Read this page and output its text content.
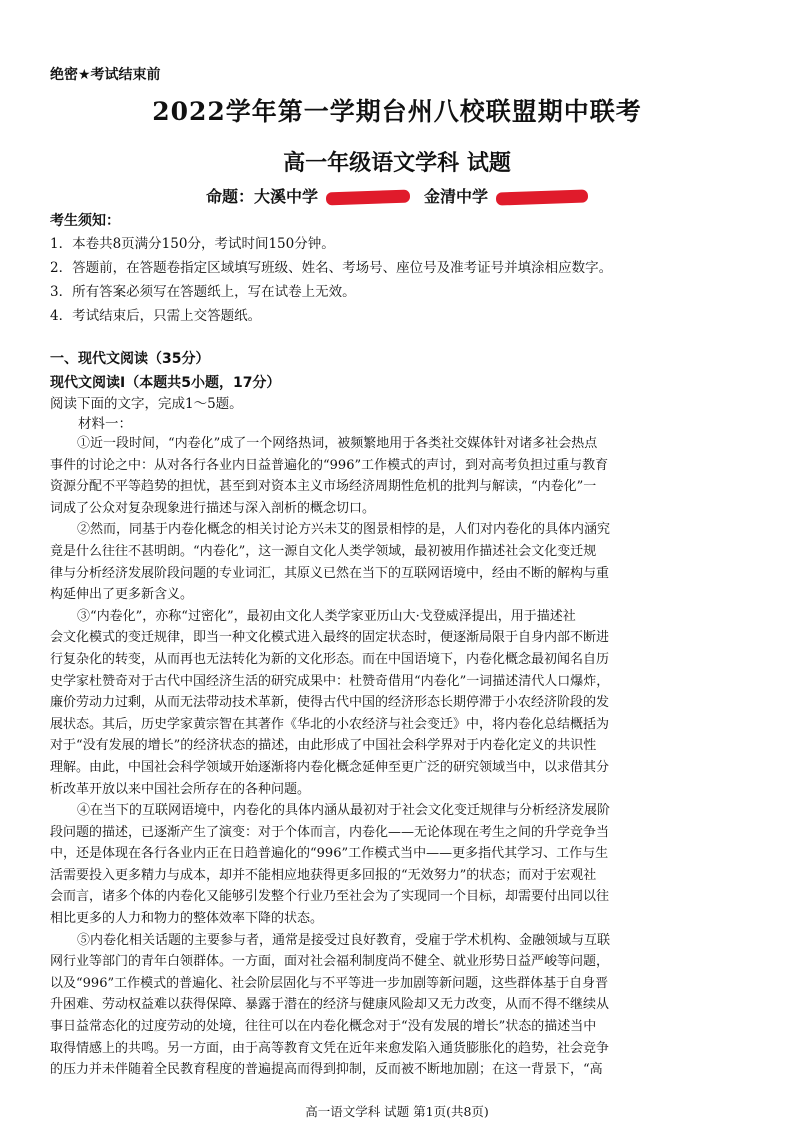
绝密★考试结束前
2022学年第一学期台州八校联盟期中联考
高一年级语文学科 试题
命题：大溪中学	金清中学
考生须知：
1．本卷共8页满分150分，考试时间150分钟。
2．答题前，在答题卷指定区域填写班级、姓名、考场号、座位号及准考证号并填涂相应数字。
3．所有答案必须写在答题纸上，写在试卷上无效。
4．考试结束后，只需上交答题纸。
一、现代文阅读（35分）
现代文阅读Ⅰ（本题共5小题，17分）
阅读下面的文字，完成1～5题。
材料一：
①近一段时间，“内卷化”成了一个网络热词，被频繁地用于各类社交媒体针对诸多社会热点
事件的讨论之中：从对各行各业内日益普遍化的“996”工作模式的声讨，到对高考负担过重与教育
资源分配不平等趋势的担忧，甚至到对资本主义市场经济周期性危机的批判与解读，“内卷化”一
词成了公众对复杂现象进行描述与深入剖析的概念切口。
②然而，同基于内卷化概念的相关讨论方兴未艾的图景相悖的是，人们对内卷化的具体内涵究
竟是什么往往不甚明朗。“内卷化”，这一源自文化人类学领域，最初被用作描述社会文化变迁规
律与分析经济发展阶段问题的专业词汇，其原义已然在当下的互联网语境中，经由不断的解构与重
构延伸出了更多新含义。
③“内卷化”，亦称“过密化”，最初由文化人类学家亚历山大·戈登威泽提出，用于描述社
会文化模式的变迁规律，即当一种文化模式进入最终的固定状态时，便逐渐局限于自身内部不断进
行复杂化的转变，从而再也无法转化为新的文化形态。而在中国语境下，内卷化概念最初闻名自历
史学家杜赞奇对于古代中国经济生活的研究成果中：杜赞奇借用“内卷化”一词描述清代人口爆炸，
廉价劳动力过剩，从而无法带动技术革新，使得古代中国的经济形态长期停滞于小农经济阶段的发
展状态。其后，历史学家黄宗智在其著作《华北的小农经济与社会变迁》中，将内卷化总结概括为
对于“没有发展的增长”的经济状态的描述，由此形成了中国社会科学界对于内卷化定义的共识性
理解。由此，中国社会科学领域开始逐渐将内卷化概念延伸至更广泛的研究领域当中，以求借其分
析改革开放以来中国社会所存在的各种问题。
④在当下的互联网语境中，内卷化的具体内涵从最初对于社会文化变迁规律与分析经济发展阶
段问题的描述，已逐渐产生了演变：对于个体而言，内卷化——无论体现在考生之间的升学竞争当
中，还是体现在各行各业内正在日趋普遍化的“996”工作模式当中——更多指代其学习、工作与生
活需要投入更多精力与成本，却并不能相应地获得更多回报的“无效努力”的状态；而对于宏观社
会而言，诸多个体的内卷化又能够引发整个行业乃至社会为了实现同一个目标，却需要付出同以往
相比更多的人力和物力的整体效率下降的状态。
⑤内卷化相关话题的主要参与者，通常是接受过良好教育，受雇于学术机构、金融领域与互联
网行业等部门的青年白领群体。一方面，面对社会福利制度尚不健全、就业形势日益严峻等问题，
以及“996”工作模式的普遍化、社会阶层固化与不平等进一步加剧等新问题，这些群体基于自身晋
升困难、劳动权益难以获得保障、暴露于潜在的经济与健康风险却又无力改变，从而不得不继续从
事日益常态化的过度劳动的处境，往往可以在内卷化概念对于“没有发展的增长”状态的描述当中
取得情感上的共鸣。另一方面，由于高等教育文凭在近年来愈发陷入通货膨胀化的趋势，社会竞争
的压力并未伴随着全民教育程度的普遍提高而得到抑制，反而被不断地加剧；在这一背景下，“高
高一语文学科 试题 第1页(共8页)
